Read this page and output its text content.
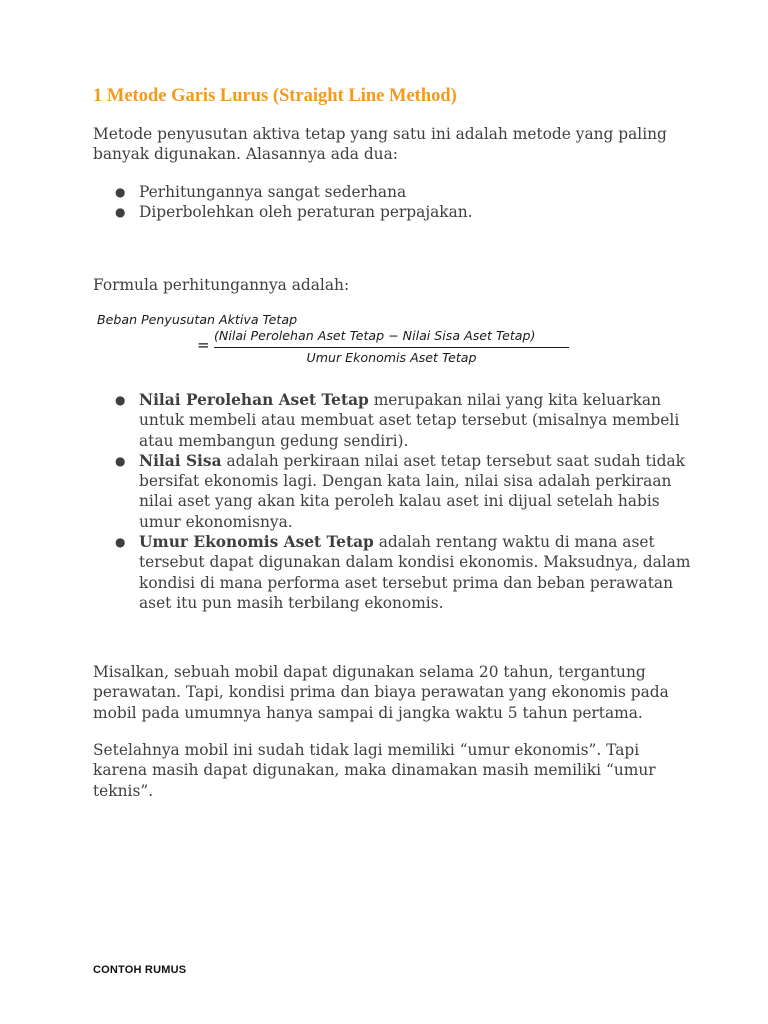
1 Metode Garis Lurus (Straight Line Method)

Metode penyusutan aktiva tetap yang satu ini adalah metode yang paling banyak digunakan. Alasannya ada dua:

● Perhitungannya sangat sederhana
● Diperbolehkan oleh peraturan perpajakan.

Formula perhitungannya adalah:

Beban Penyusutan Aktiva Tetap
=
(Nilai Perolehan Aset Tetap − Nilai Sisa Aset Tetap)
Umur Ekonomis Aset Tetap
● Nilai Perolehan Aset Tetap merupakan nilai yang kita keluarkan untuk membeli atau membuat aset tetap tersebut (misalnya membeli atau membangun gedung sendiri).
● Nilai Sisa adalah perkiraan nilai aset tetap tersebut saat sudah tidak bersifat ekonomis lagi. Dengan kata lain, nilai sisa adalah perkiraan nilai aset yang akan kita peroleh kalau aset ini dijual setelah habis umur ekonomisnya.
● Umur Ekonomis Aset Tetap adalah rentang waktu di mana aset tersebut dapat digunakan dalam kondisi ekonomis. Maksudnya, dalam kondisi di mana performa aset tersebut prima dan beban perawatan aset itu pun masih terbilang ekonomis.

Misalkan, sebuah mobil dapat digunakan selama 20 tahun, tergantung perawatan. Tapi, kondisi prima dan biaya perawatan yang ekonomis pada mobil pada umumnya hanya sampai di jangka waktu 5 tahun pertama.

Setelahnya mobil ini sudah tidak lagi memiliki “umur ekonomis”. Tapi karena masih dapat digunakan, maka dinamakan masih memiliki “umur teknis”.

CONTOH RUMUS
